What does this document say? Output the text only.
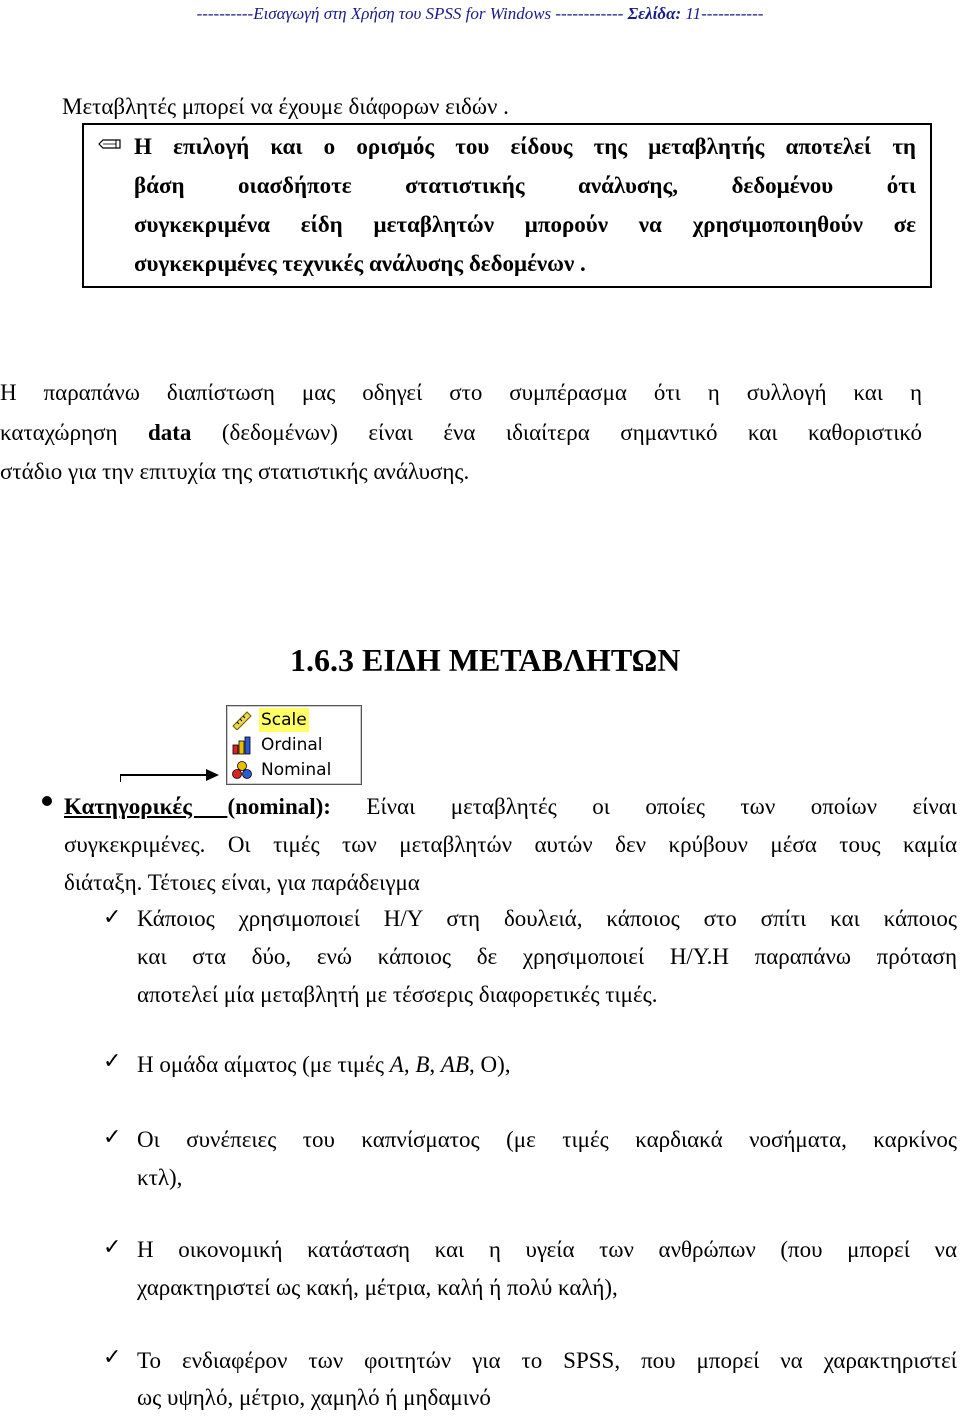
----------Εισαγωγή στη Χρήση του SPSS for Windows ------------ Σελίδα: 11-----------
Μεταβλητές μπορεί να έχουμε διάφορων ειδών .
Η επιλογή και ο ορισμός του είδους της μεταβλητής αποτελεί τη
βάση οιασδήποτε στατιστικής ανάλυσης, δεδομένου ότι
συγκεκριμένα είδη μεταβλητών μπορούν να χρησιμοποιηθούν σε
συγκεκριμένες τεχνικές ανάλυσης δεδομένων .
Η παραπάνω διαπίστωση μας οδηγεί στο συμπέρασμα ότι η συλλογή και η
καταχώρηση data (δεδομένων) είναι ένα ιδιαίτερα σημαντικό και καθοριστικό
στάδιο για την επιτυχία της στατιστικής ανάλυσης.
1.6.3 ΕΙΔΗ ΜΕΤΑΒΛΗΤΩΝ
Scale
Ordinal
Nominal
Κατηγορικές (nominal): Είναι μεταβλητές οι οποίες των οποίων είναι
συγκεκριμένες. Οι τιμές των μεταβλητών αυτών δεν κρύβουν μέσα τους καμία
διάταξη. Τέτοιες είναι, για παράδειγμα
✓ Κάποιος χρησιμοποιεί Η/Υ στη δουλειά, κάποιος στο σπίτι και κάποιος
και στα δύο, ενώ κάποιος δε χρησιμοποιεί Η/Υ.Η παραπάνω πρόταση
αποτελεί μία μεταβλητή με τέσσερις διαφορετικές τιμές.
✓ Η ομάδα αίματος (με τιμές A, B, AB, O),
✓ Οι συνέπειες του καπνίσματος (με τιμές καρδιακά νοσήματα, καρκίνος
κτλ),
✓ Η οικονομική κατάσταση και η υγεία των ανθρώπων (που μπορεί να
χαρακτηριστεί ως κακή, μέτρια, καλή ή πολύ καλή),
✓ Το ενδιαφέρον των φοιτητών για το SPSS, που μπορεί να χαρακτηριστεί
ως υψηλό, μέτριο, χαμηλό ή μηδαμινό
